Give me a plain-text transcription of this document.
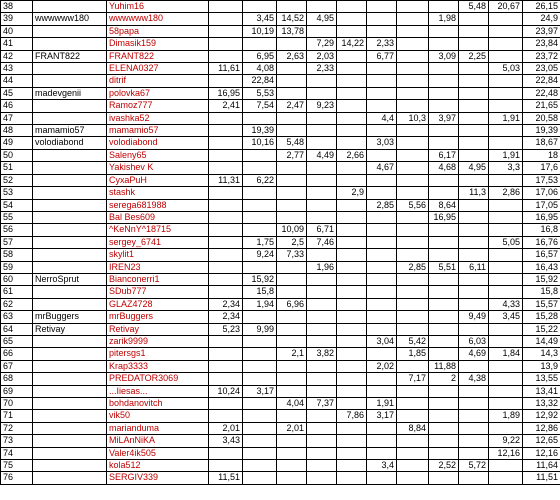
38		Yuhim16									5,48	20,67	26,15
39	wwwwww180	wwwwww180		3,45	14,52	4,95				1,98			24,9
40		58papa		10,19	13,78								23,97
41		Dimasik159				7,29	14,22	2,33					23,84
42	FRANT822	FRANT822		6,95	2,63	2,03		6,77		3,09	2,25		23,72
43		ELENA0327	11,61	4,08		2,33						5,03	23,05
44		ditrif		22,84									22,84
45	madevgenii	polovka67	16,95	5,53									22,48
46		Ramoz777	2,41	7,54	2,47	9,23							21,65
47		ivashka52						4,4	10,3	3,97		1,91	20,58
48	mamamio57	mamamio57		19,39									19,39
49	volodiabond	volodiabond		10,16	5,48			3,03					18,67
50		Saleny65			2,77	4,49	2,66			6,17		1,91	18
51		Yakishev K						4,67		4,68	4,95	3,3	17,6
52		СухаРuH	11,31	6,22									17,53
53		stashk					2,9				11,3	2,86	17,06
54		serega681988						2,85	5,56	8,64			17,05
55		Bal Bes609								16,95			16,95
56		^KeNnY^18715			10,09	6,71							16,8
57		sergey_6741		1,75	2,5	7,46						5,05	16,76
58		skylit1		9,24	7,33								16,57
59		IREN23				1,96			2,85	5,51	6,11		16,43
60	NerroSprut	Bianconerri1		15,92									15,92
61		SDub777		15,8									15,8
62		GLAZ4728	2,34	1,94	6,96							4,33	15,57
63	mrBuggers	mrBuggers	2,34								9,49	3,45	15,28
64	Retivay	Retivay	5,23	9,99									15,22
65		zarik9999						3,04	5,42		6,03		14,49
66		pitersgs1			2,1	3,82			1,85		4,69	1,84	14,3
67		Krap3333						2,02		11,88			13,9
68		PREDATOR3069							7,17	2	4,38		13,55
69		...Iiesas...	10,24	3,17									13,41
70		bohdanovitch			4,04	7,37		1,91					13,32
71		vik50					7,86	3,17				1,89	12,92
72		marianduma	2,01		2,01				8,84				12,86
73		MiLAnNiKA	3,43									9,22	12,65
74		Valer4ik505										12,16	12,16
75		kola512						3,4		2,52	5,72		11,64
76		SERGIV339	11,51										11,51
